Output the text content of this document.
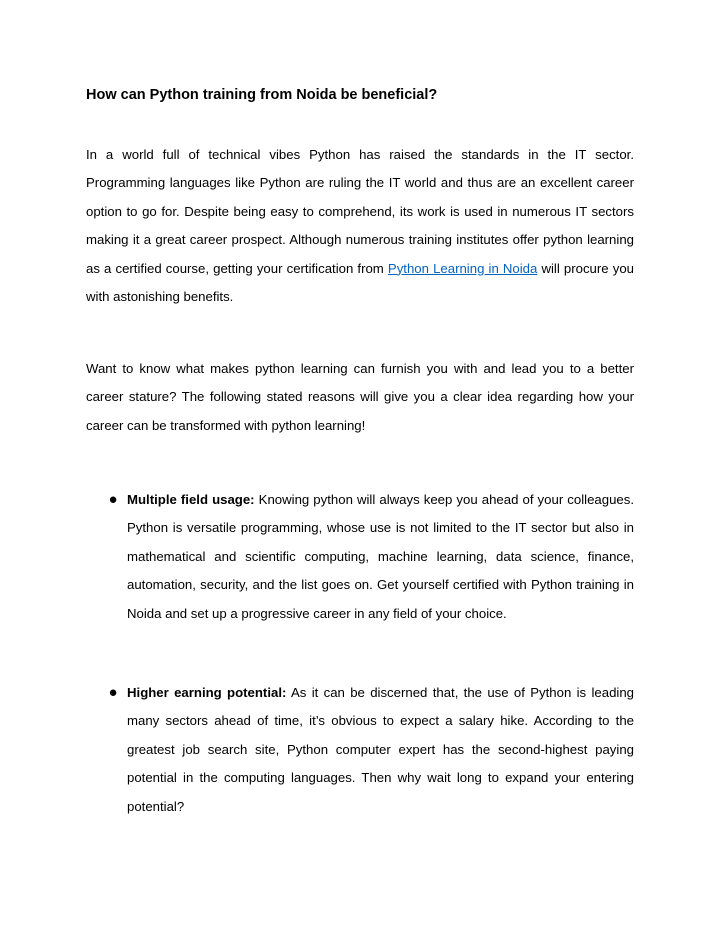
How can Python training from Noida be beneficial?

In a world full of technical vibes Python has raised the standards in the IT sector. Programming languages like Python are ruling the IT world and thus are an excellent career option to go for. Despite being easy to comprehend, its work is used in numerous IT sectors making it a great career prospect. Although numerous training institutes offer python learning as a certified course, getting your certification from Python Learning in Noida will procure you with astonishing benefits.

Want to know what makes python learning can furnish you with and lead you to a better career stature? The following stated reasons will give you a clear idea regarding how your career can be transformed with python learning!

● Multiple field usage: Knowing python will always keep you ahead of your colleagues. Python is versatile programming, whose use is not limited to the IT sector but also in mathematical and scientific computing, machine learning, data science, finance, automation, security, and the list goes on. Get yourself certified with Python training in Noida and set up a progressive career in any field of your choice.
● Higher earning potential: As it can be discerned that, the use of Python is leading many sectors ahead of time, it’s obvious to expect a salary hike. According to the greatest job search site, Python computer expert has the second-highest paying potential in the computing languages. Then why wait long to expand your entering potential?
